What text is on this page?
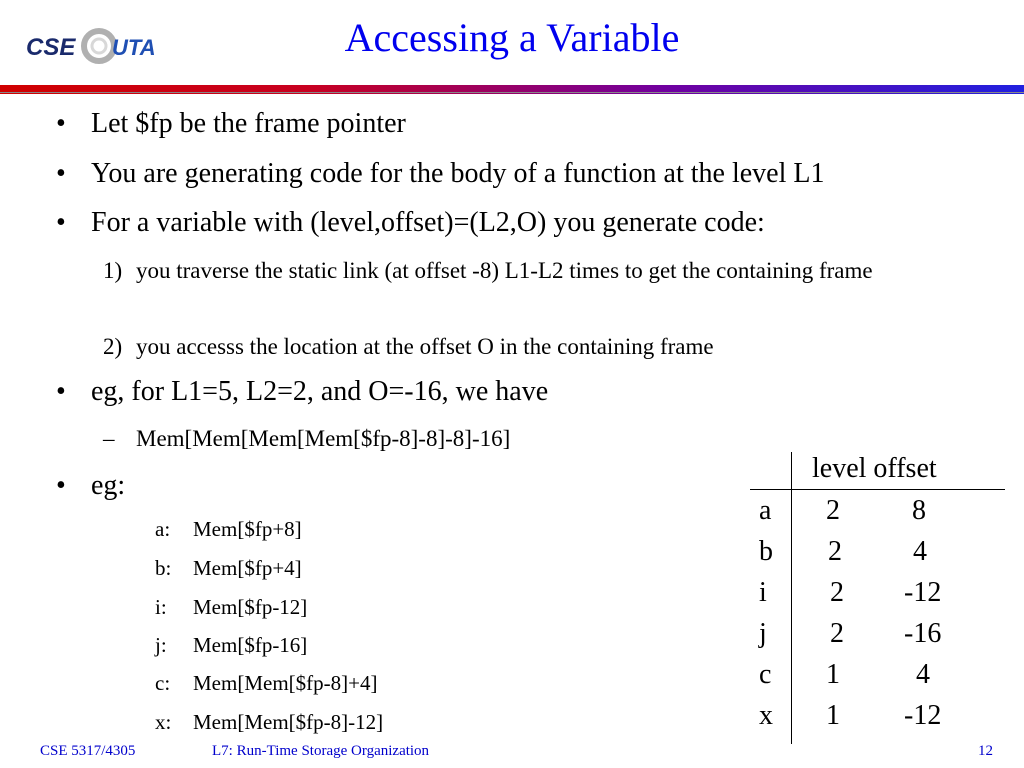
CSE UTA	Accessing a Variable
• Let $fp be the frame pointer
• You are generating code for the body of a function at the level L1
• For a variable with (level,offset)=(L2,O) you generate code:
1) you traverse the static link (at offset -8) L1-L2 times to get the containing frame
2) you accesss the location at the offset O in the containing frame
• eg, for L1=5, L2=2, and O=-16, we have
– Mem[Mem[Mem[Mem[$fp-8]-8]-8]-16]
• eg:
a: Mem[$fp+8]
b: Mem[$fp+4]
i: Mem[$fp-12]
j: Mem[$fp-16]
c: Mem[Mem[$fp-8]+4]
x: Mem[Mem[$fp-8]-12]
level offset
a 2	8
b 2	4
i 2 -12
j 2 -16
c 1	4
x 1 -12
CSE 5317/4305	L7: Run-Time Storage Organization	12
